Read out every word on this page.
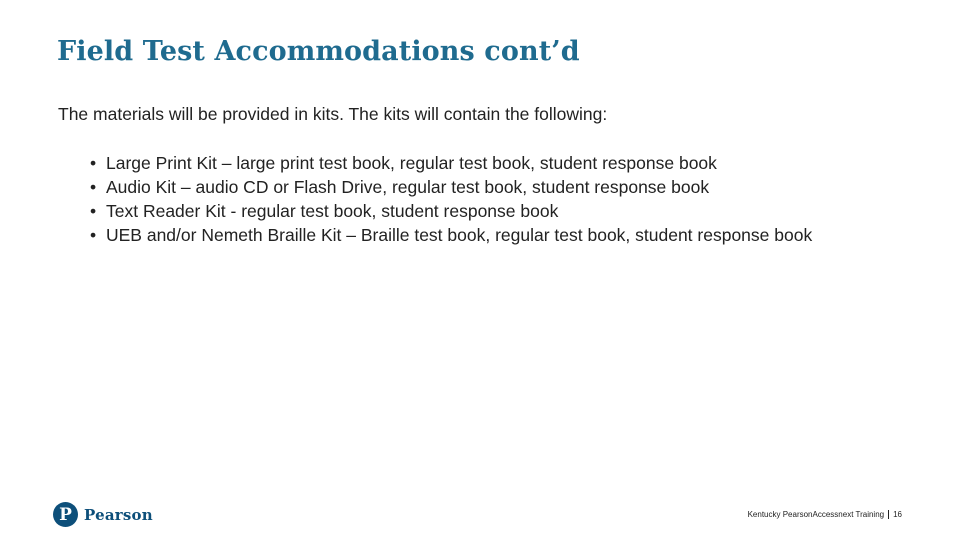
Field Test Accommodations cont’d
The materials will be provided in kits. The kits will contain the following:
• Large Print Kit – large print test book, regular test book, student response book
• Audio Kit – audio CD or Flash Drive, regular test book, student response book
• Text Reader Kit - regular test book, student response book
• UEB and/or Nemeth Braille Kit – Braille test book, regular test book, student response book
P Pearson	Kentucky PearsonAccessnext Training 16
